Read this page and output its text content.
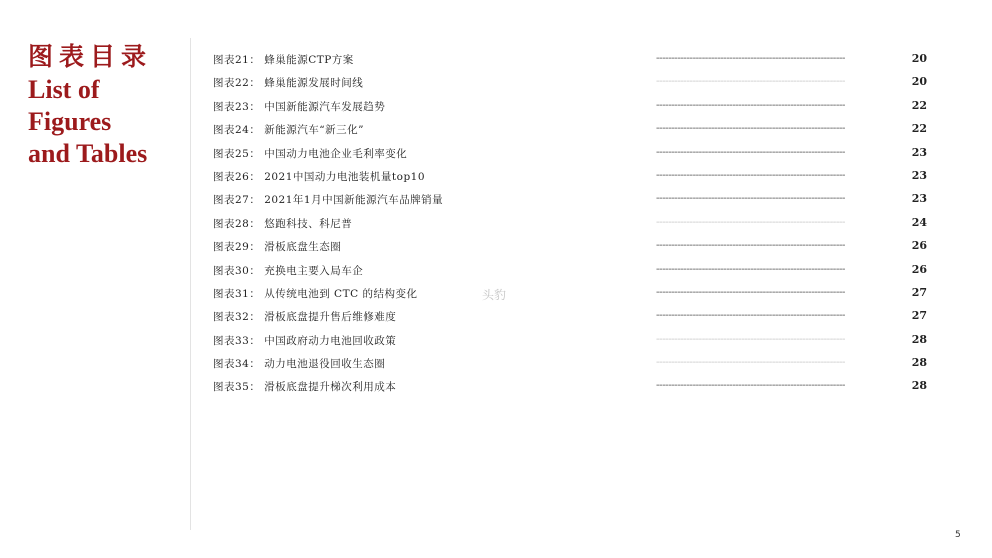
图表目录
List of
Figures
and Tables
图表21： 蜂巢能源CTP方案	--------------------------------------------------------------	20
图表22： 蜂巢能源发展时间线	--------------------------------------------------------------	20
图表23： 中国新能源汽车发展趋势	--------------------------------------------------------------	22
图表24： 新能源汽车“新三化”	--------------------------------------------------------------	22
图表25： 中国动力电池企业毛利率变化	--------------------------------------------------------------	23
图表26： 2021中国动力电池装机量top10	--------------------------------------------------------------	23
图表27： 2021年1月中国新能源汽车品牌销量	--------------------------------------------------------------	23
图表28： 悠跑科技、科尼普	--------------------------------------------------------------	24
图表29： 滑板底盘生态圈	--------------------------------------------------------------	26
图表30： 充换电主要入局车企	--------------------------------------------------------------	26
图表31： 从传统电池到 CTC 的结构变化	--------------------------------------------------------------	27
图表32： 滑板底盘提升售后维修难度	--------------------------------------------------------------	27
图表33： 中国政府动力电池回收政策	--------------------------------------------------------------	28
图表34： 动力电池退役回收生态圈	--------------------------------------------------------------	28
图表35： 滑板底盘提升梯次利用成本	--------------------------------------------------------------	28
头豹
5
